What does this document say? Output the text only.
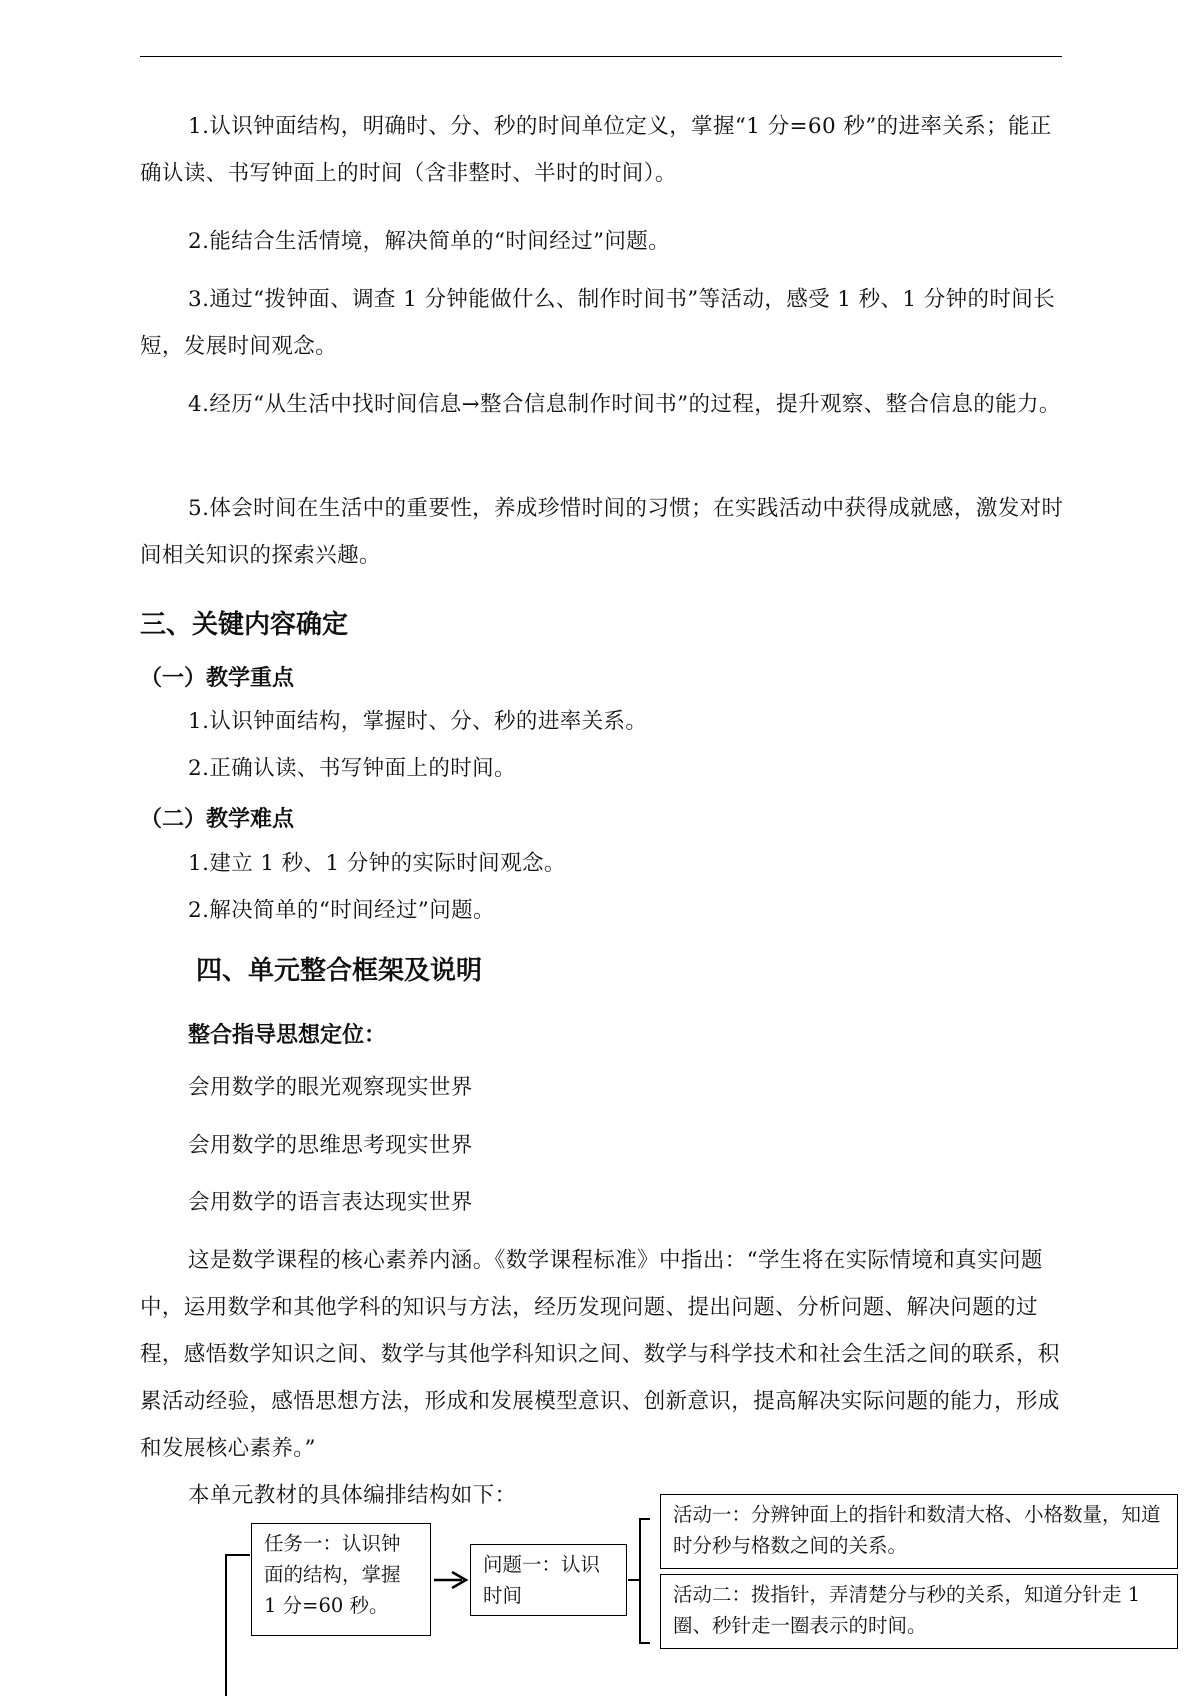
1.认识钟面结构，明确时、分、秒的时间单位定义，掌握“1 分=60 秒”的进率关系；能正确认读、书写钟面上的时间（含非整时、半时的时间）。

2.能结合生活情境，解决简单的“时间经过”问题。

3.通过“拨钟面、调查 1 分钟能做什么、制作时间书”等活动，感受 1 秒、1 分钟的时间长短，发展时间观念。

4.经历“从生活中找时间信息→整合信息制作时间书”的过程，提升观察、整合信息的能力。

5.体会时间在生活中的重要性，养成珍惜时间的习惯；在实践活动中获得成就感，激发对时间相关知识的探索兴趣。

三、关键内容确定
（一）教学重点
1.认识钟面结构，掌握时、分、秒的进率关系。
2.正确认读、书写钟面上的时间。
（二）教学难点
1.建立 1 秒、1 分钟的实际时间观念。
2.解决简单的“时间经过”问题。
四、单元整合框架及说明
整合指导思想定位：
会用数学的眼光观察现实世界
会用数学的思维思考现实世界
会用数学的语言表达现实世界

这是数学课程的核心素养内涵。《数学课程标准》中指出：“学生将在实际情境和真实问题中，运用数学和其他学科的知识与方法，经历发现问题、提出问题、分析问题、解决问题的过程，感悟数学知识之间、数学与其他学科知识之间、数学与科学技术和社会生活之间的联系，积累活动经验，感悟思想方法，形成和发展模型意识、创新意识，提高解决实际问题的能力，形成和发展核心素养。”

本单元教材的具体编排结构如下：
任务一：认识钟面的结构，掌握 1 分=60 秒。
问题一：认识时间
活动一：分辨钟面上的指针和数清大格、小格数量，知道时分秒与格数之间的关系。
活动二：拨指针，弄清楚分与秒的关系，知道分针走 1 圈、秒针走一圈表示的时间。
